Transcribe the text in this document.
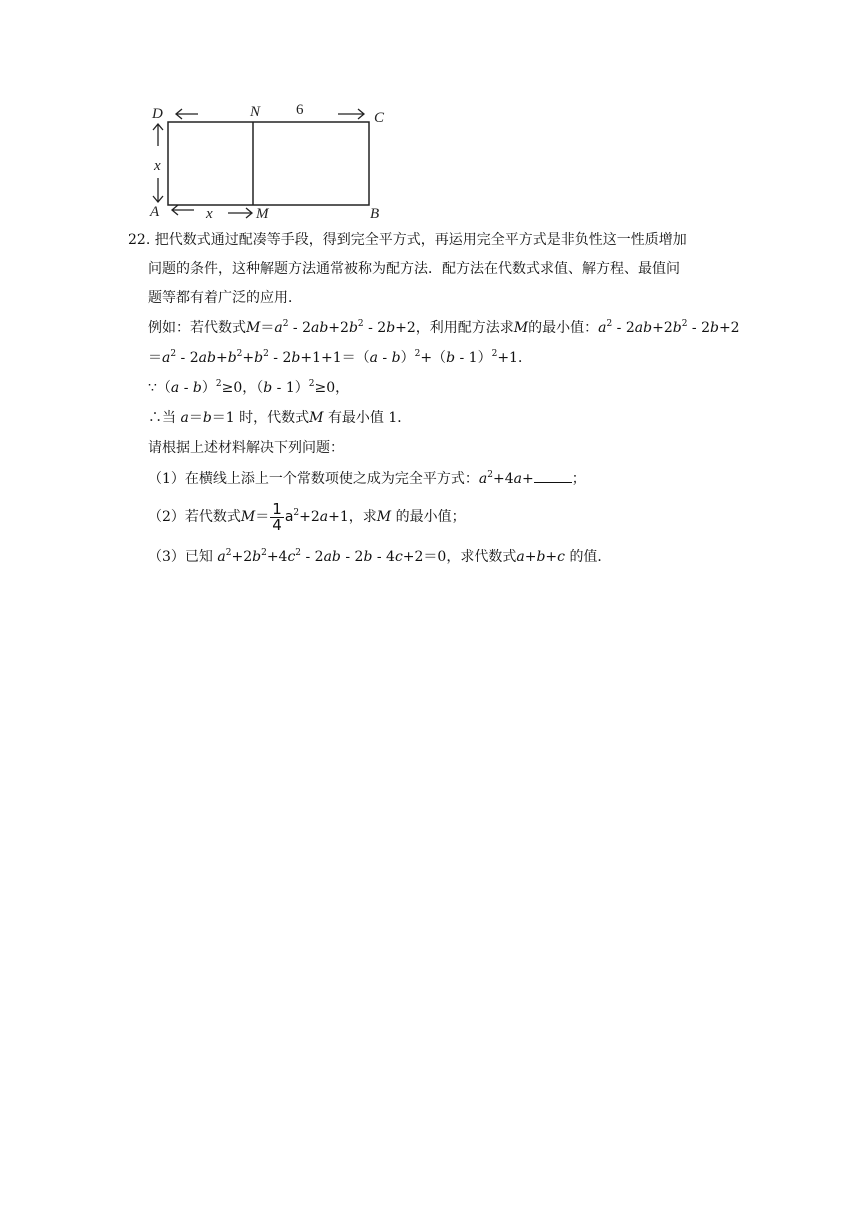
D	N 6	C
x
A	x	M	B
22. 把代数式通过配凑等手段，得到完全平方式，再运用完全平方式是非负性这一性质增加
问题的条件，这种解题方法通常被称为配方法．配方法在代数式求值、解方程、最值问
题等都有着广泛的应用．
例如：若代数式$M=a^2 - 2ab+2b^2 - 2b+2$，利用配方法求M的最小值：$a^2 - 2ab+2b^2 - 2b+2$
$=a^2 - 2ab+b^2+b^2 - 2b+1+1=(a - b)^2+(b - 1)^2+1$．
∵（a - b）$^2$≥0，（b - 1）$^2$≥0，
∴当 a＝b＝1 时，代数式M 有最小值 1．
请根据上述材料解决下列问题：
（1）在横线上添上一个常数项使之成为完全平方式：$a^2+4a+$	；
（2）若代数式$M= \frac{1}{4} a^2+2a+1$，求M 的最小值；
（3）已知 $a^2+2b^2+4c^2 - 2ab - 2b - 4c+2=0$，求代数式a+b+c 的值．
